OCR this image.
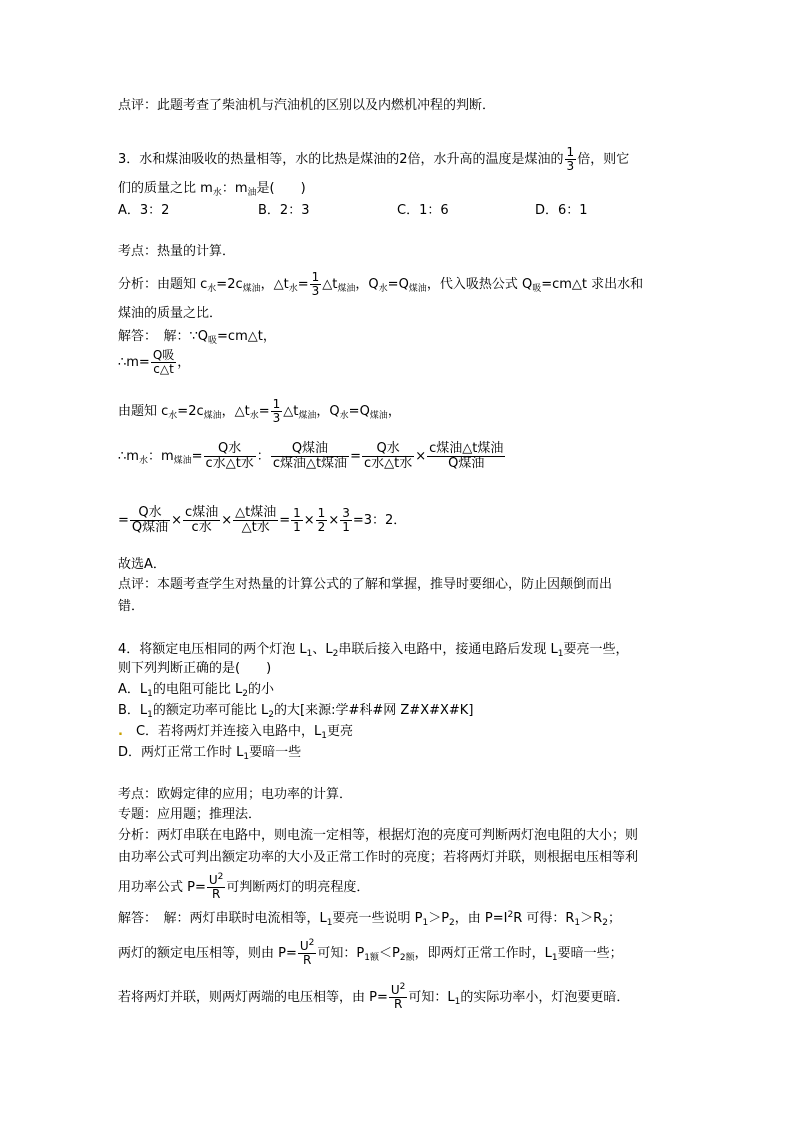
点评：此题考查了柴油机与汽油机的区别以及内燃机冲程的判断．
3．水和煤油吸收的热量相等，水的比热是煤油的2倍，水升高的温度是煤油的 $\frac{1}{3}$ 倍，则它
们的质量之比 $m_水$：$m_油$是(　　)
A．3：2	B．2：3	C．1：6	D．6：1
考点：热量的计算．
分析：由题知 $c_水=2c_{煤油}$，$\triangle t_水= \frac{1}{3}$ $\triangle t_{煤油}$，$Q_水=Q_{煤油}$，代入吸热公式 $Q_吸=cm\triangle t$ 求出水和
煤油的质量之比．
解答：　解：$\because Q_吸=cm\triangle t$，
∴m= $\frac{\text{Q吸}}{c\triangle t}$ ，
由题知 $c_水=2c_{煤油}$，$\triangle t_水= \frac{1}{3}$ $\triangle t_{煤油}$，$Q_水=Q_{煤油}$，
$\therefore m_水$：$m_{煤油}= \frac{\text{Q水}}{\text{c水△t水}}$ ： $\frac{\text{Q煤油}}{\text{c煤油△t煤油}} = \frac{\text{Q水}}{\text{c水△t水}} \times \frac{\text{c煤油△t煤油}}{\text{Q煤油}}$
= $\frac{\text{Q水}}{\text{Q煤油}} \times \frac{\text{c煤油}}{\text{c水}} \times \frac{\text{△t煤油}}{\text{△t水}} = \frac{1}{1} \times \frac{1}{2} \times \frac{3}{1} =3$：2．
故选A．
点评：本题考查学生对热量的计算公式的了解和掌握，推导时要细心，防止因颠倒而出
错．
4．将额定电压相同的两个灯泡 $L_1$、$L_2$串联后接入电路中，接通电路后发现 $L_1$要亮一些，
则下列判断正确的是(　　)
A．$L_1$的电阻可能比 $L_2$的小
B．$L_1$的额定功率可能比 $L_2$的大[来源:学#科#网 Z#X#X#K]
.　C．若将两灯并连接入电路中，$L_1$更亮
D．两灯正常工作时 $L_1$要暗一些
考点：欧姆定律的应用；电功率的计算．
专题：应用题；推理法．
分析：两灯串联在电路中，则电流一定相等，根据灯泡的亮度可判断两灯泡电阻的大小；则
由功率公式可判出额定功率的大小及正常工作时的亮度；若将两灯并联，则根据电压相等利
用功率公式 $P= \frac{U^2}{R}$ 可判断两灯的明亮程度．
解答：　解：两灯串联时电流相等，$L_1$要亮一些说明 $P_1>P_2$，由 $P=I^2R$ 可得：$R_1>R_2$；
两灯的额定电压相等，则由 $P= \frac{U^2}{R}$ 可知：$P_{1额}<P_{2额}$，即两灯正常工作时，$L_1$要暗一些；
若将两灯并联，则两灯两端的电压相等，由 $P= \frac{U^2}{R}$ 可知：$L_1$的实际功率小，灯泡要更暗．
